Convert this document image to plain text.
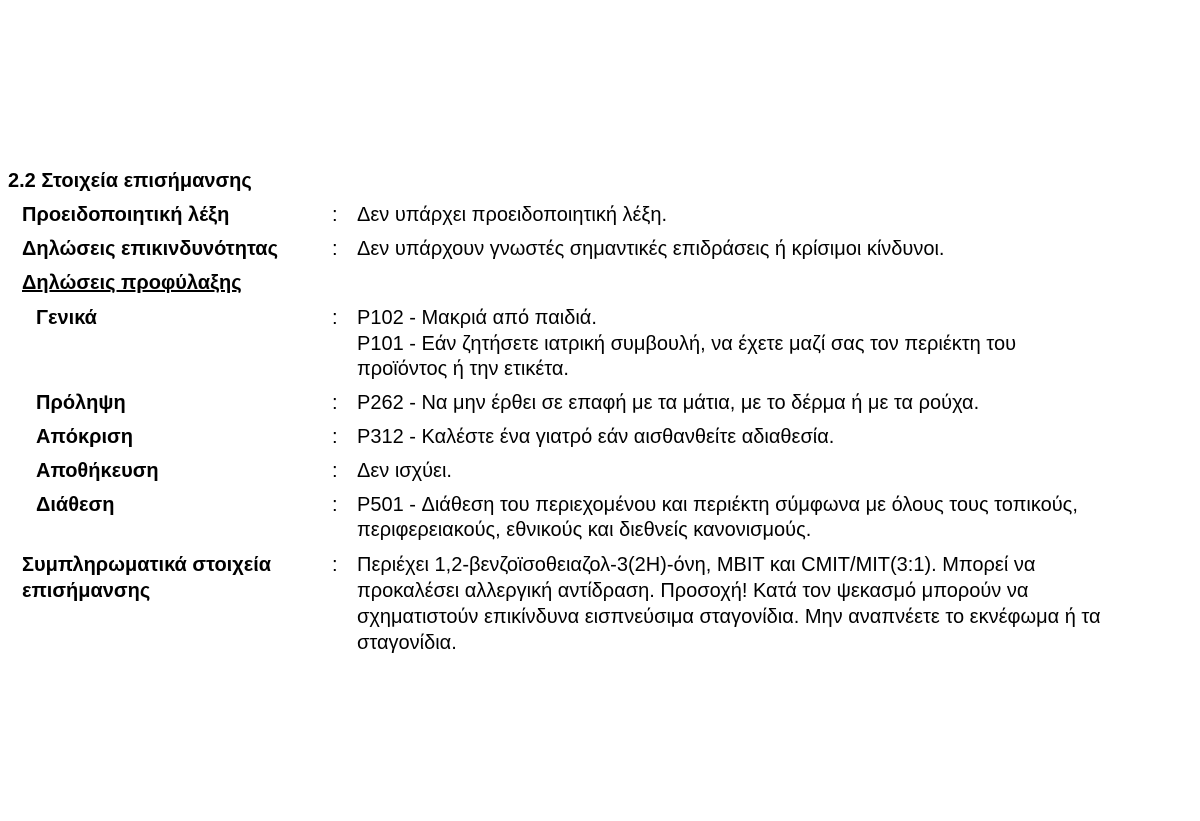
2.2 Στοιχεία επισήμανσης
Προειδοποιητική λέξη	: Δεν υπάρχει προειδοποιητική λέξη.
Δηλώσεις επικινδυνότητας	: Δεν υπάρχουν γνωστές σημαντικές επιδράσεις ή κρίσιμοι κίνδυνοι.
Δηλώσεις προφύλαξης
Γενικά	: P102 - Μακριά από παιδιά.
P101 - Εάν ζητήσετε ιατρική συμβουλή, να έχετε μαζί σας τον περιέκτη του
προϊόντος ή την ετικέτα.
Πρόληψη	: P262 - Να μην έρθει σε επαφή με τα μάτια, με το δέρμα ή με τα ρούχα.
Απόκριση	: P312 - Καλέστε ένα γιατρό εάν αισθανθείτε αδιαθεσία.
Αποθήκευση	: Δεν ισχύει.
Διάθεση	: P501 - Διάθεση του περιεχομένου και περιέκτη σύμφωνα με όλους τους τοπικούς,
περιφερειακούς, εθνικούς και διεθνείς κανονισμούς.
Συμπληρωματικά στοιχεία
επισήμανσης
: Περιέχει 1,2-βενζοϊσοθειαζολ-3(2H)-όνη, MBIT και CMIT/MIT(3:1). Μπορεί να
προκαλέσει αλλεργική αντίδραση. Προσοχή! Κατά τον ψεκασμό μπορούν να
σχηματιστούν επικίνδυνα εισπνεύσιμα σταγονίδια. Μην αναπνέετε το εκνέφωμα ή τα
σταγονίδια.
